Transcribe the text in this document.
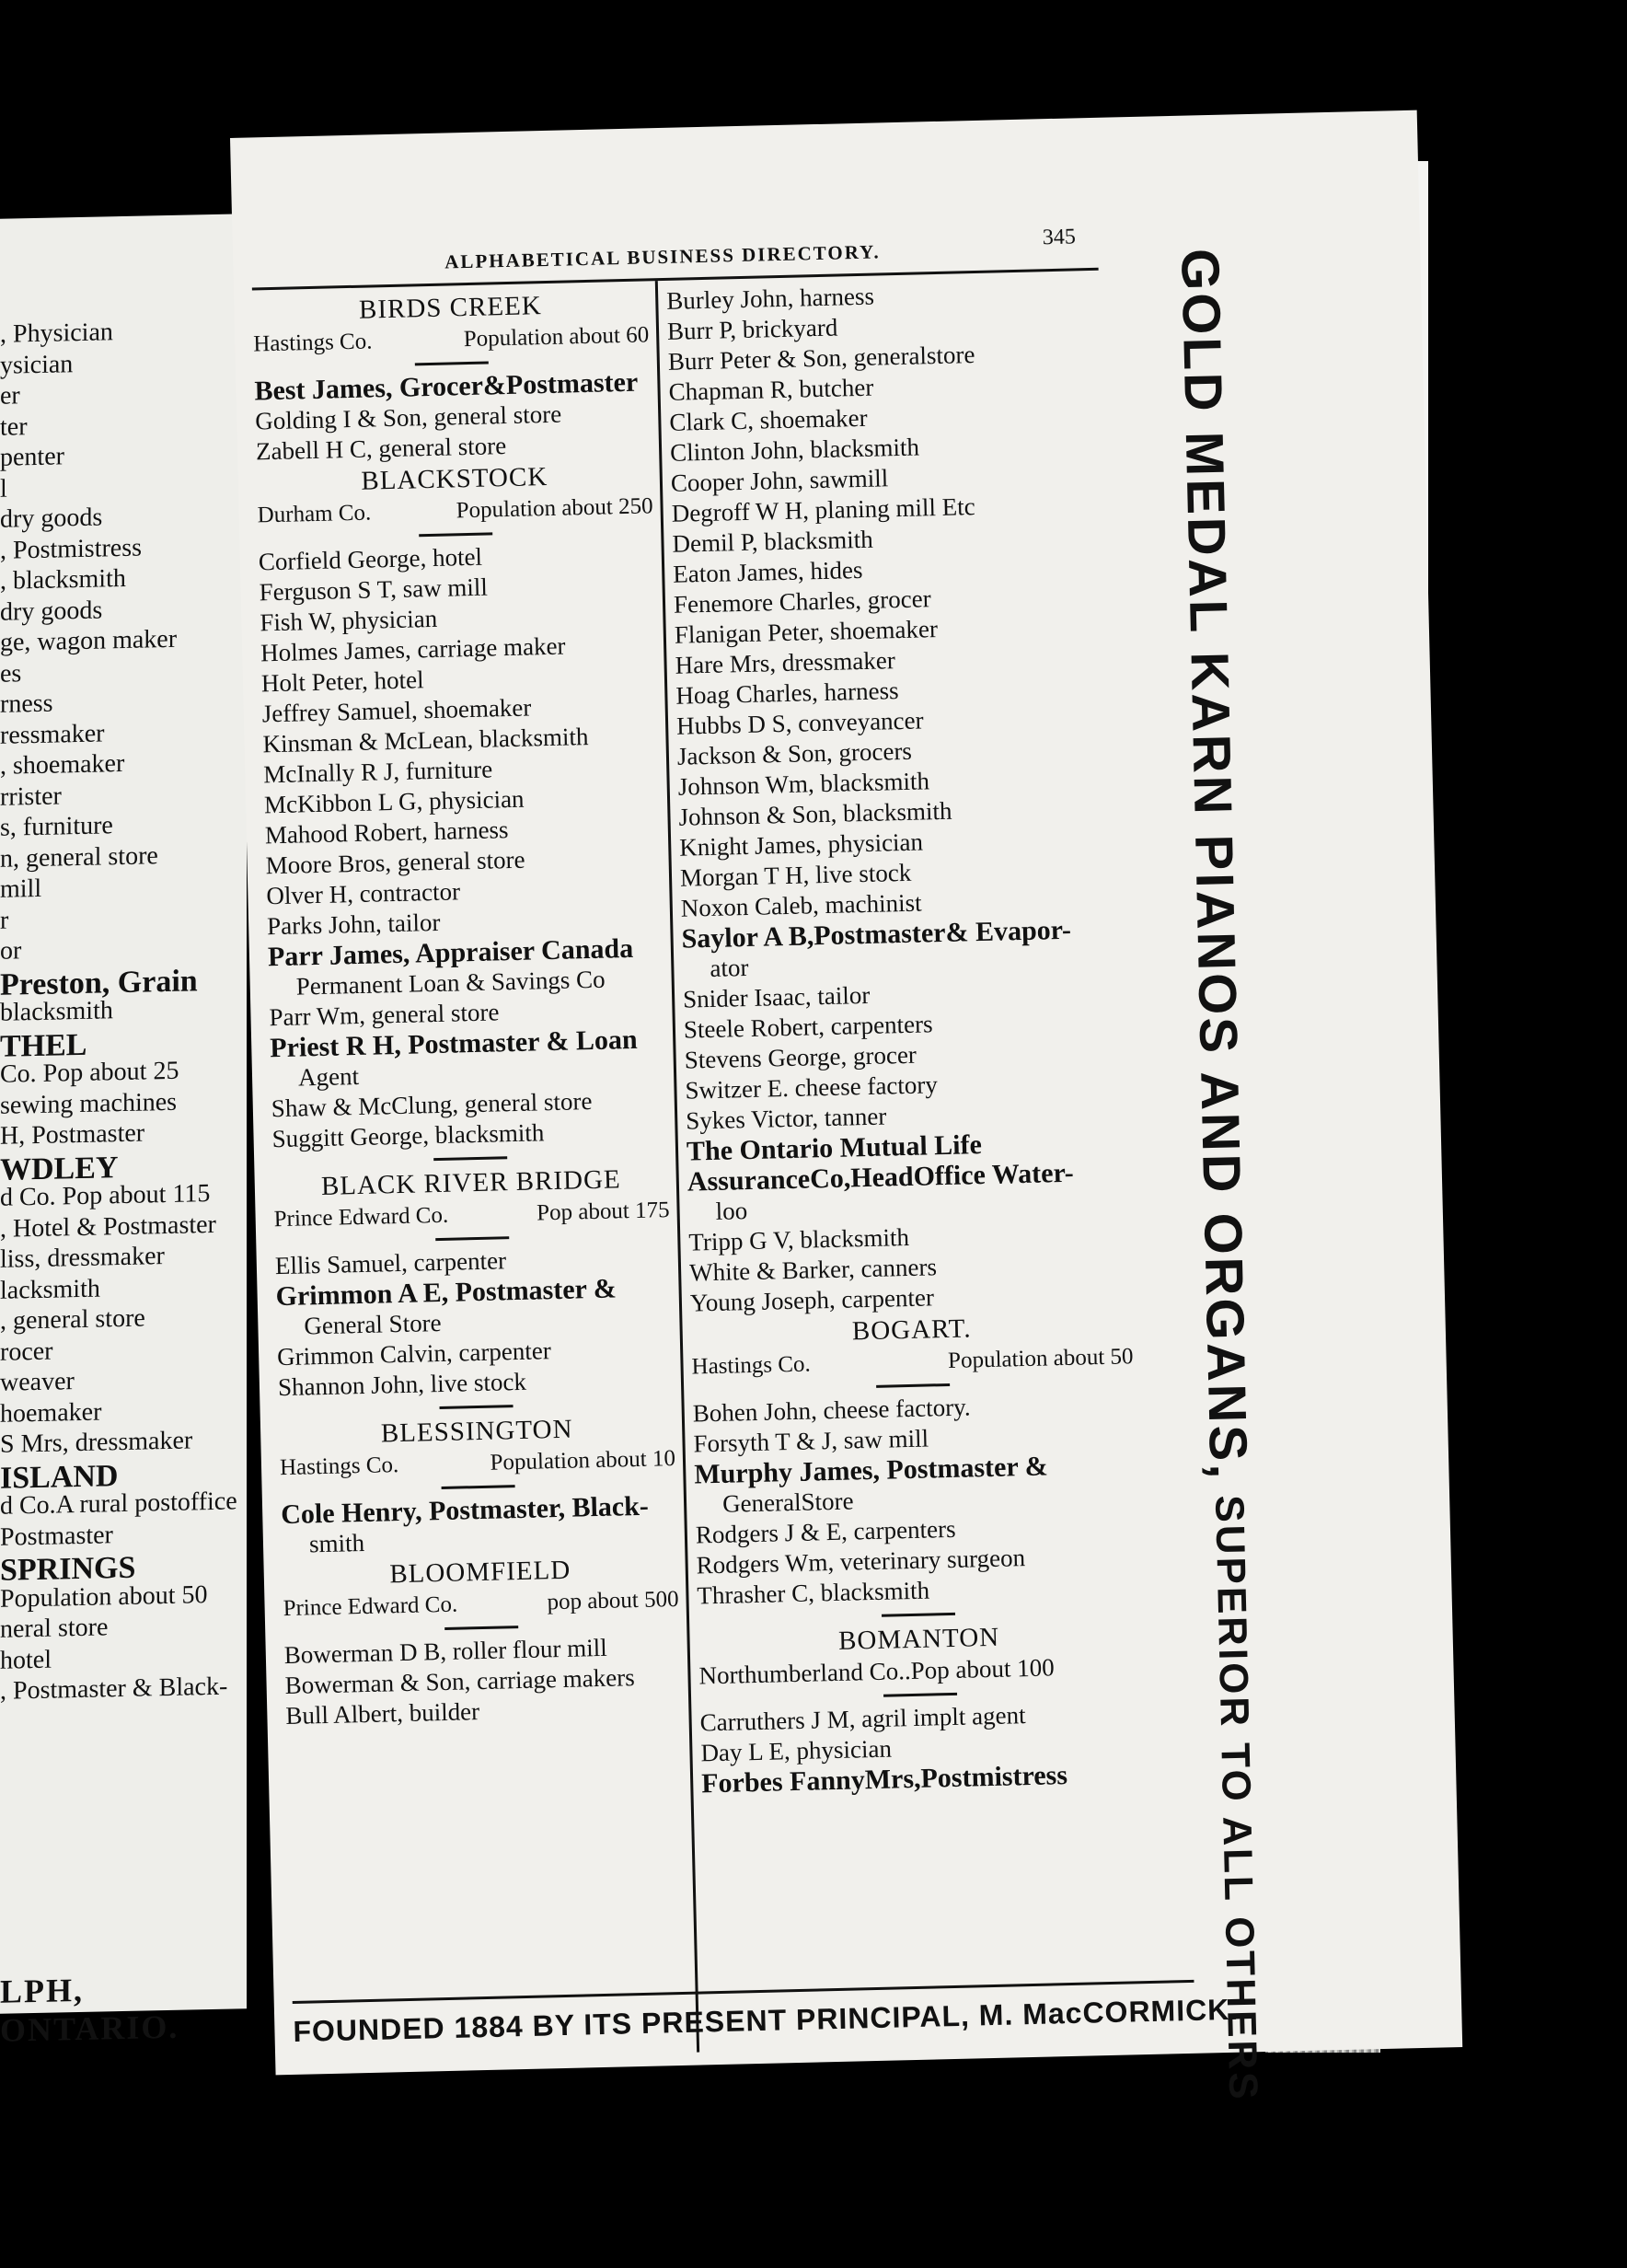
, Physician
ysician
er
ter
penter
l
dry goods
, Postmistress
, blacksmith
dry goods
ge, wagon maker
es
rness
ressmaker
, shoemaker
rrister
s, furniture
n, general store
mill
r
or
Preston, Grain
blacksmith
THEL
Co. Pop about 25
sewing machines
H, Postmaster
WDLEY
d Co. Pop about 115
, Hotel & Postmaster
liss, dressmaker
lacksmith
, general store
rocer
weaver
hoemaker
S Mrs, dressmaker
ISLAND
d Co.A rural postoffice
Postmaster
SPRINGS
Population about 50
neral store
hotel
, Postmaster & Black-
LPH, ONTARIO.
ALPHABETICAL BUSINESS DIRECTORY.
345
BIRDS CREEK
Hastings Co.	Population about 60
Best James, Grocer&Postmaster
Golding I & Son, general store
Zabell H C, general store
BLACKSTOCK
Durham Co.	Population about 250
Corfield George, hotel
Ferguson S T, saw mill
Fish W, physician
Holmes James, carriage maker
Holt Peter, hotel
Jeffrey Samuel, shoemaker
Kinsman & McLean, blacksmith
McInally R J, furniture
McKibbon L G, physician
Mahood Robert, harness
Moore Bros, general store
Olver H, contractor
Parks John, tailor
Parr James, Appraiser Canada
Permanent Loan & Savings Co
Parr Wm, general store
Priest R H, Postmaster & Loan
Agent
Shaw & McClung, general store
Suggitt George, blacksmith
BLACK RIVER BRIDGE
Prince Edward Co.	Pop about 175
Ellis Samuel, carpenter
Grimmon A E, Postmaster &
General Store
Grimmon Calvin, carpenter
Shannon John, live stock
BLESSINGTON
Hastings Co.	Population about 10
Cole Henry, Postmaster, Black-
smith
BLOOMFIELD
Prince Edward Co.	pop about 500
Bowerman D B, roller flour mill
Bowerman & Son, carriage makers
Bull Albert, builder
Burley John, harness
Burr P, brickyard
Burr Peter & Son, generalstore
Chapman R, butcher
Clark C, shoemaker
Clinton John, blacksmith
Cooper John, sawmill
Degroff W H, planing mill Etc
Demil P, blacksmith
Eaton James, hides
Fenemore Charles, grocer
Flanigan Peter, shoemaker
Hare Mrs, dressmaker
Hoag Charles, harness
Hubbs D S, conveyancer
Jackson & Son, grocers
Johnson Wm, blacksmith
Johnson & Son, blacksmith
Knight James, physician
Morgan T H, live stock
Noxon Caleb, machinist
Saylor A B,Postmaster& Evapor-
ator
Snider Isaac, tailor
Steele Robert, carpenters
Stevens George, grocer
Switzer E. cheese factory
Sykes Victor, tanner
The Ontario Mutual Life
AssuranceCo,HeadOffice Water-
loo
Tripp G V, blacksmith
White & Barker, canners
Young Joseph, carpenter
BOGART.
Hastings Co.	Population about 50
Bohen John, cheese factory.
Forsyth T & J, saw mill
Murphy James, Postmaster &
GeneralStore
Rodgers J & E, carpenters
Rodgers Wm, veterinary surgeon
Thrasher C, blacksmith
BOMANTON
Northumberland Co..Pop about 100
Carruthers J M, agril implt agent
Day L E, physician
Forbes FannyMrs,Postmistress
FOUNDED 1884 BY ITS PRESENT PRINCIPAL, M. MacCORMICK.
GOLD MEDAL KARN PIANOS AND ORGANS, SUPERIOR TO ALL OTHERS
